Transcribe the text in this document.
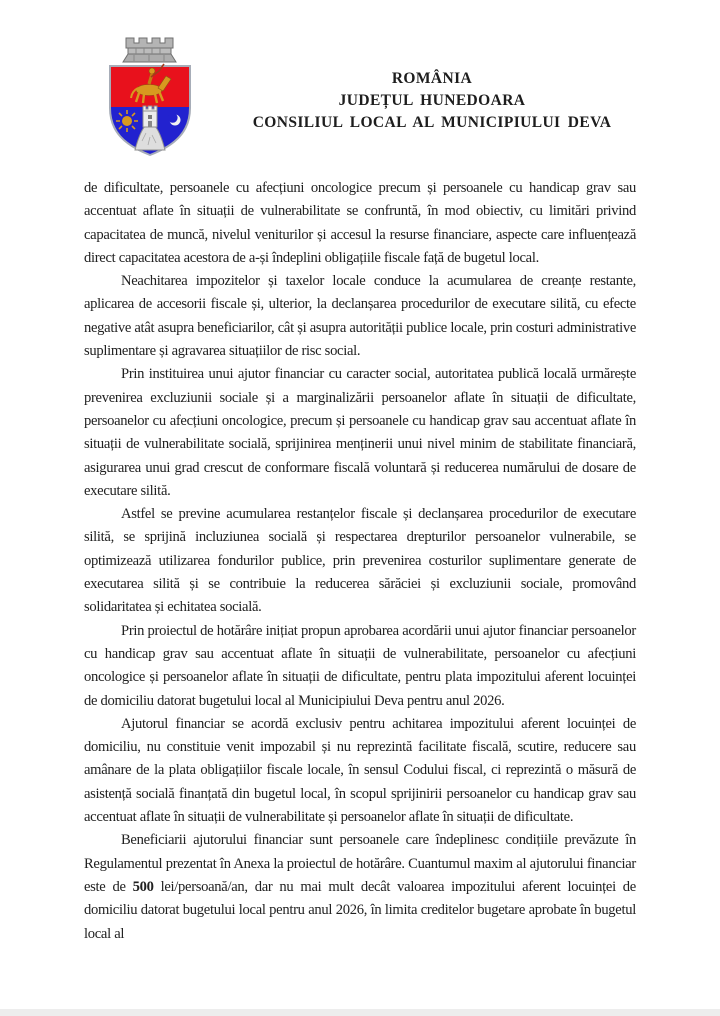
ROMÂNIA
JUDEȚUL HUNEDOARA
CONSILIUL LOCAL AL MUNICIPIULUI DEVA

de dificultate, persoanele cu afecțiuni oncologice precum și persoanele cu handicap grav sau accentuat aflate în situații de vulnerabilitate se confruntă, în mod obiectiv, cu limitări privind capacitatea de muncă, nivelul veniturilor și accesul la resurse financiare, aspecte care influențează direct capacitatea acestora de a-și îndeplini obligațiile fiscale față de bugetul local.

Neachitarea impozitelor și taxelor locale conduce la acumularea de creanțe restante, aplicarea de accesorii fiscale și, ulterior, la declanșarea procedurilor de executare silită, cu efecte negative atât asupra beneficiarilor, cât și asupra autorității publice locale, prin costuri administrative suplimentare și agravarea situațiilor de risc social.

Prin instituirea unui ajutor financiar cu caracter social, autoritatea publică locală urmărește prevenirea excluziunii sociale și a marginalizării persoanelor aflate în situații de dificultate, persoanelor cu afecțiuni oncologice, precum și persoanele cu handicap grav sau accentuat aflate în situații de vulnerabilitate socială, sprijinirea menținerii unui nivel minim de stabilitate financiară, asigurarea unui grad crescut de conformare fiscală voluntară și reducerea numărului de dosare de executare silită.

Astfel se previne acumularea restanțelor fiscale și declanșarea procedurilor de executare silită, se sprijină incluziunea socială și respectarea drepturilor persoanelor vulnerabile, se optimizează utilizarea fondurilor publice, prin prevenirea costurilor suplimentare generate de executarea silită și se contribuie la reducerea sărăciei și excluziunii sociale, promovând solidaritatea și echitatea socială.

Prin proiectul de hotărâre inițiat propun aprobarea acordării unui ajutor financiar persoanelor cu handicap grav sau accentuat aflate în situații de vulnerabilitate, persoanelor cu afecțiuni oncologice și persoanelor aflate în situații de dificultate, pentru plata impozitului aferent locuinței de domiciliu datorat bugetului local al Municipiului Deva pentru anul 2026.

Ajutorul financiar se acordă exclusiv pentru achitarea impozitului aferent locuinței de domiciliu, nu constituie venit impozabil și nu reprezintă facilitate fiscală, scutire, reducere sau amânare de la plata obligațiilor fiscale locale, în sensul Codului fiscal, ci reprezintă o măsură de asistență socială finanțată din bugetul local, în scopul sprijinirii persoanelor cu handicap grav sau accentuat aflate în situații de vulnerabilitate și persoanelor aflate în situații de dificultate.

Beneficiarii ajutorului financiar sunt persoanele care îndeplinesc condițiile prevăzute în Regulamentul prezentat în Anexa la proiectul de hotărâre. Cuantumul maxim al ajutorului financiar este de 500 lei/persoană/an, dar nu mai mult decât valoarea impozitului aferent locuinței de domiciliu datorat bugetului local pentru anul 2026, în limita creditelor bugetare aprobate în bugetul local al
